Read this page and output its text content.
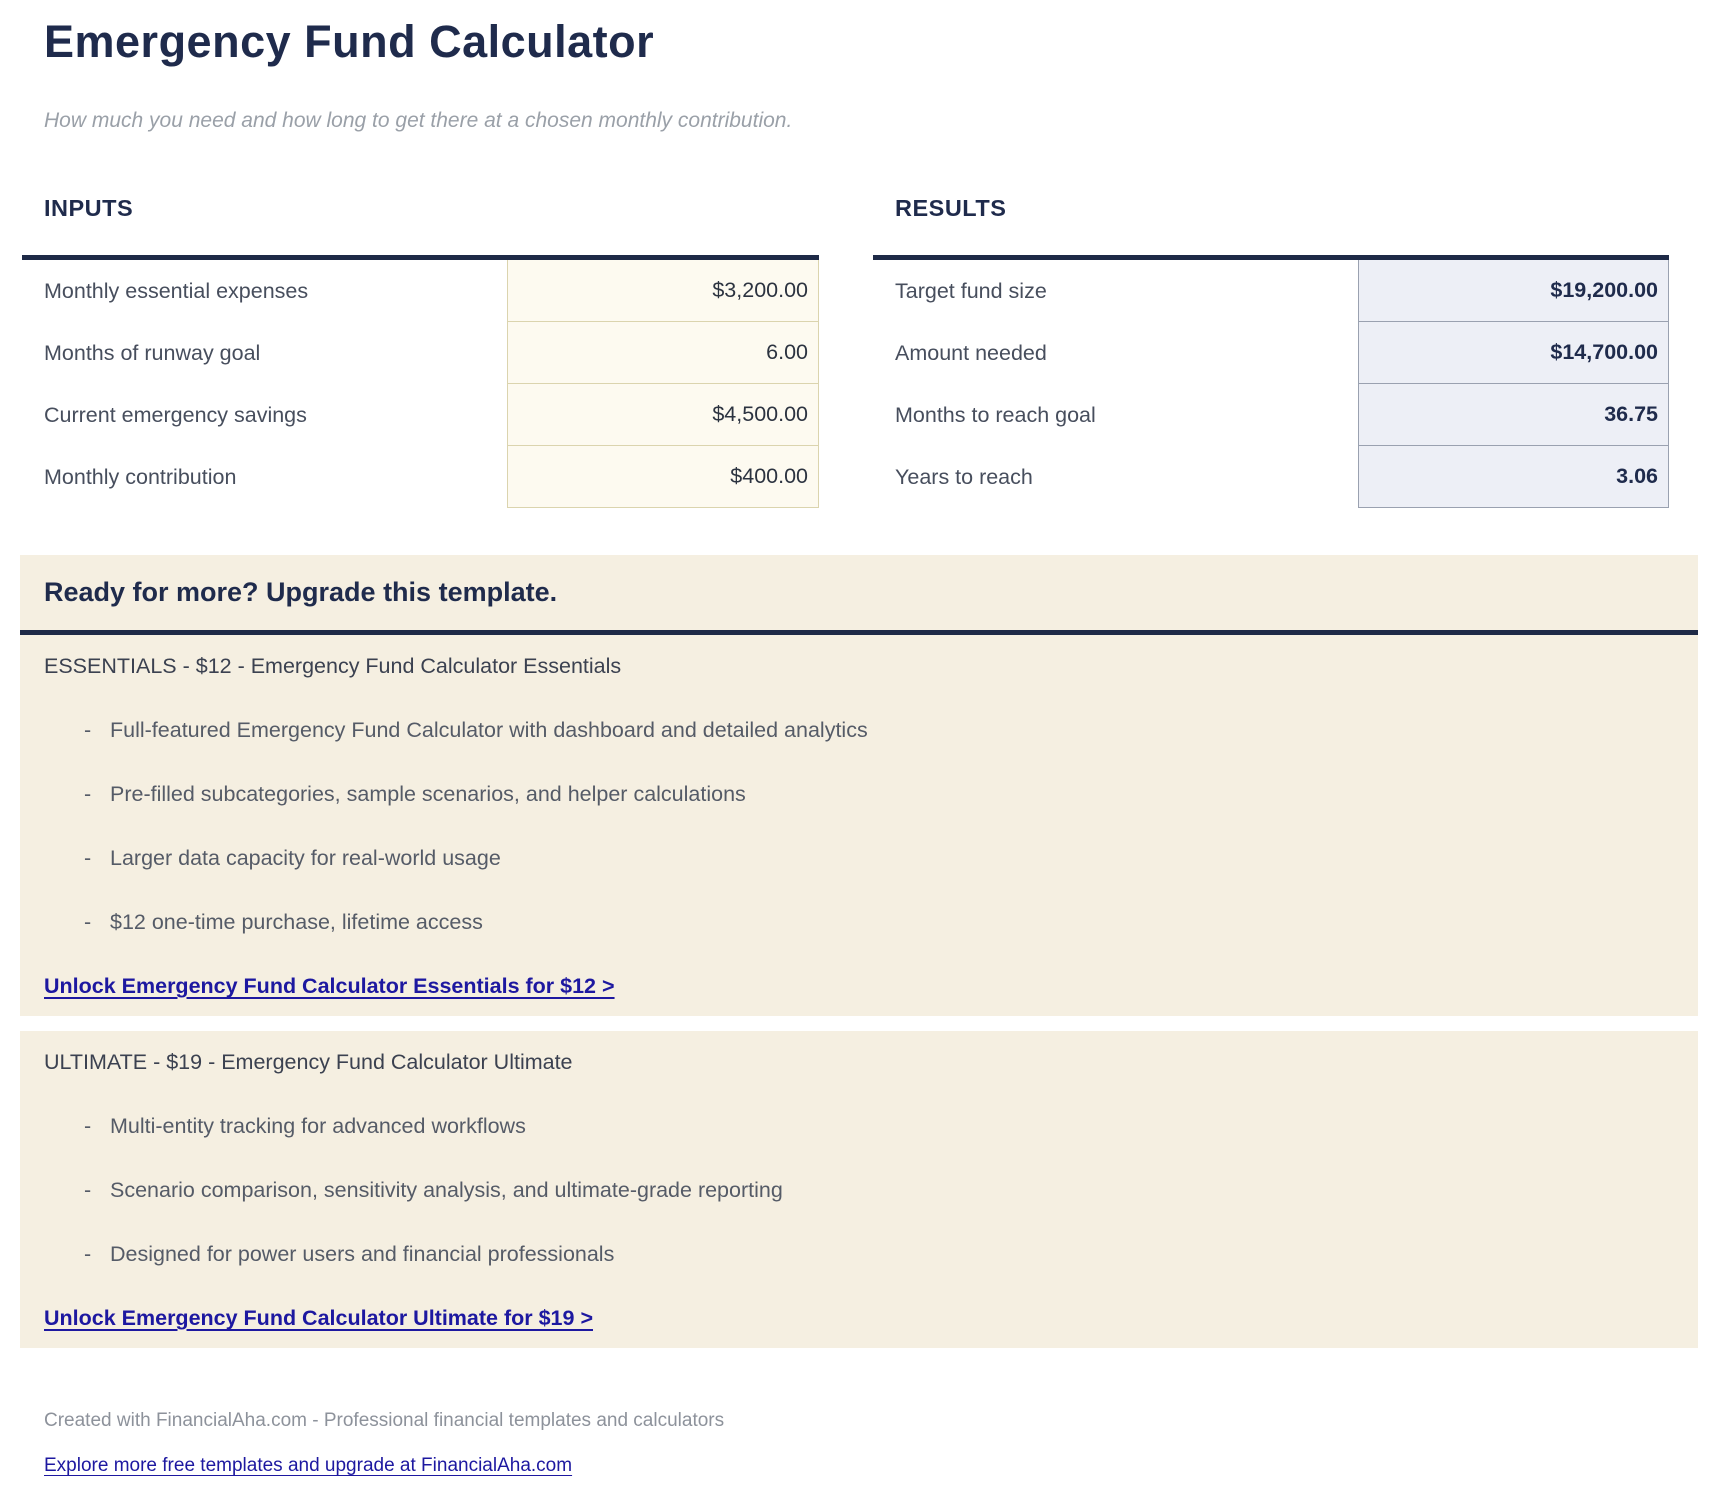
Emergency Fund Calculator
How much you need and how long to get there at a chosen monthly contribution.
INPUTS
Monthly essential expenses	$3,200.00
Months of runway goal	6.00
Current emergency savings	$4,500.00
Monthly contribution	$400.00
RESULTS
Target fund size	$19,200.00
Amount needed	$14,700.00
Months to reach goal	36.75
Years to reach	3.06
Ready for more? Upgrade this template.
ESSENTIALS - $12 - Emergency Fund Calculator Essentials
- Full-featured Emergency Fund Calculator with dashboard and detailed analytics
- Pre-filled subcategories, sample scenarios, and helper calculations
- Larger data capacity for real-world usage
- $12 one-time purchase, lifetime access
Unlock Emergency Fund Calculator Essentials for $12 >
ULTIMATE - $19 - Emergency Fund Calculator Ultimate
- Multi-entity tracking for advanced workflows
- Scenario comparison, sensitivity analysis, and ultimate-grade reporting
- Designed for power users and financial professionals
Unlock Emergency Fund Calculator Ultimate for $19 >
Created with FinancialAha.com - Professional financial templates and calculators
Explore more free templates and upgrade at FinancialAha.com
